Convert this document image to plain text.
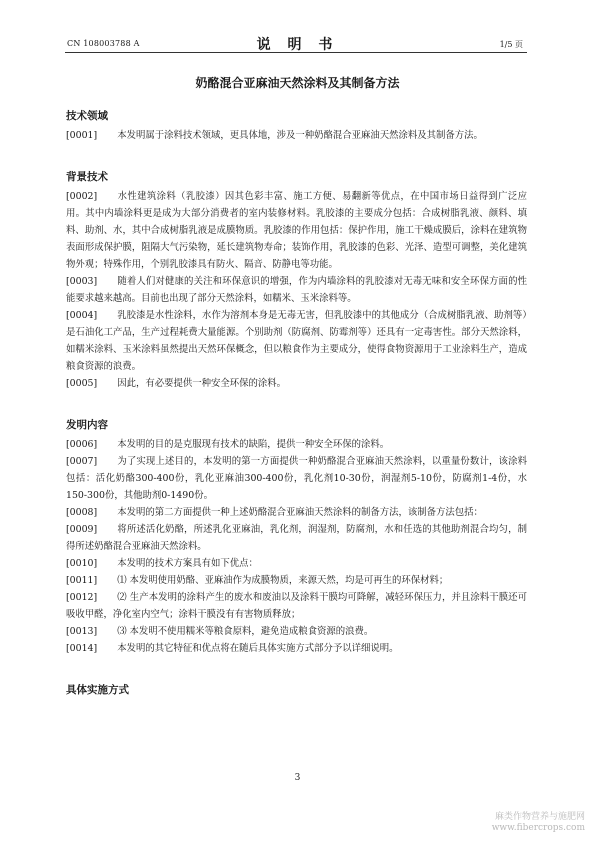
CN 108003788 A	说 明 书	1/5 页
奶酪混合亚麻油天然涂料及其制备方法
技术领域

[0001] 本发明属于涂料技术领域，更具体地，涉及一种奶酪混合亚麻油天然涂料及其制备方法。

背景技术

[0002] 水性建筑涂料（乳胶漆）因其色彩丰富、施工方便、易翻新等优点，在中国市场日益得到广泛应用。其中内墙涂料更是成为大部分消费者的室内装修材料。乳胶漆的主要成分包括：合成树脂乳液、颜料、填料、助剂、水，其中合成树脂乳液是成膜物质。乳胶漆的作用包括：保护作用，施工干燥成膜后，涂料在建筑物表面形成保护膜，阻隔大气污染物，延长建筑物寿命；装饰作用，乳胶漆的色彩、光泽、造型可调整，美化建筑物外观；特殊作用，个别乳胶漆具有防火、隔音、防静电等功能。

[0003] 随着人们对健康的关注和环保意识的增强，作为内墙涂料的乳胶漆对无毒无味和安全环保方面的性能要求越来越高。目前也出现了部分天然涂料，如糯米、玉米涂料等。

[0004] 乳胶漆是水性涂料，水作为溶剂本身是无毒无害，但乳胶漆中的其他成分（合成树脂乳液、助剂等）是石油化工产品，生产过程耗费大量能源。个别助剂（防腐剂、防霉剂等）还具有一定毒害性。部分天然涂料，如糯米涂料、玉米涂料虽然提出天然环保概念，但以粮食作为主要成分，使得食物资源用于工业涂料生产，造成粮食资源的浪费。

[0005] 因此，有必要提供一种安全环保的涂料。

发明内容

[0006] 本发明的目的是克服现有技术的缺陷，提供一种安全环保的涂料。

[0007] 为了实现上述目的，本发明的第一方面提供一种奶酪混合亚麻油天然涂料，以重量份数计，该涂料包括：活化奶酪300-400份，乳化亚麻油300-400份，乳化剂10-30份，润湿剂5-10份，防腐剂1-4份，水150-300份，其他助剂0-1490份。

[0008] 本发明的第二方面提供一种上述奶酪混合亚麻油天然涂料的制备方法，该制备方法包括：

[0009] 将所述活化奶酪，所述乳化亚麻油，乳化剂，润湿剂，防腐剂，水和任选的其他助剂混合均匀，制得所述奶酪混合亚麻油天然涂料。

[0010] 本发明的技术方案具有如下优点：

[0011] ⑴ 本发明使用奶酪、亚麻油作为成膜物质，来源天然，均是可再生的环保材料；

[0012] ⑵ 生产本发明的涂料产生的废水和废油以及涂料干膜均可降解，减轻环保压力，并且涂料干膜还可吸收甲醛，净化室内空气；涂料干膜没有有害物质释放；

[0013] ⑶ 本发明不使用糯米等粮食原料，避免造成粮食资源的浪费。

[0014] 本发明的其它特征和优点将在随后具体实施方式部分予以详细说明。

具体实施方式
3
麻类作物营养与施肥网
www.fibercrops.com
